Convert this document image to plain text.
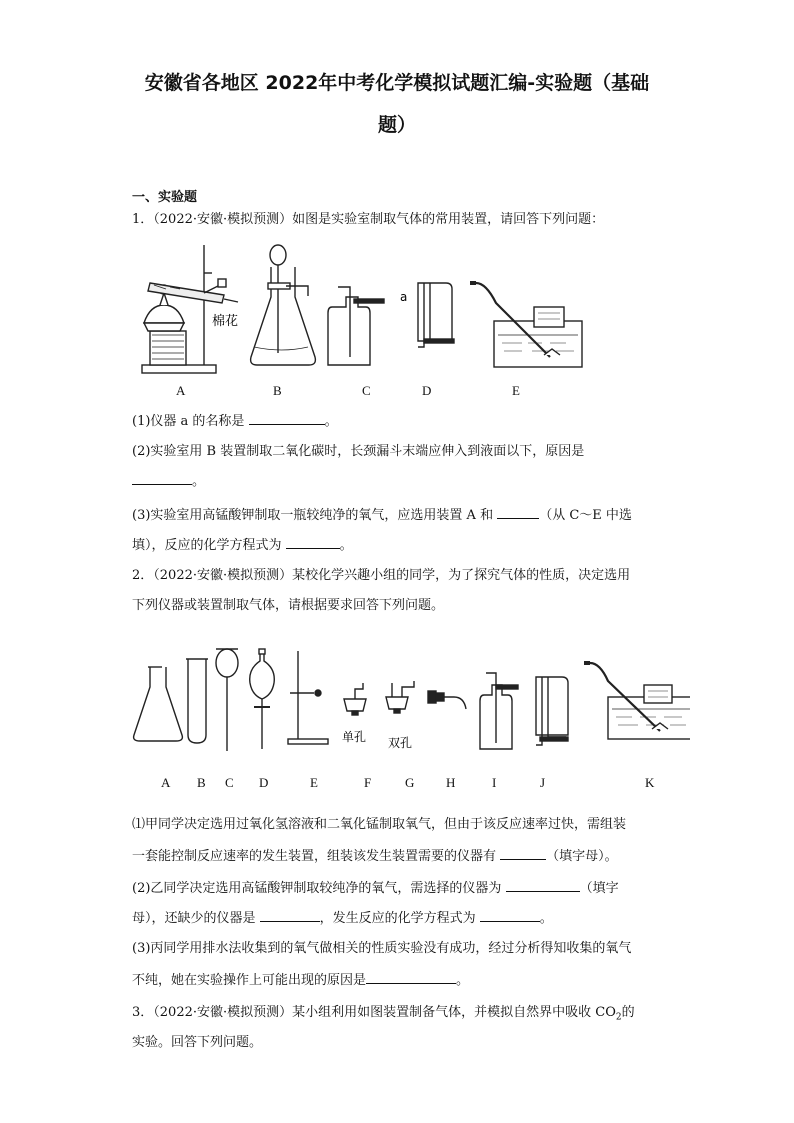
安徽省各地区 2022年中考化学模拟试题汇编-实验题（基础
题）
一、实验题
1．（2022·安徽·模拟预测）如图是实验室制取气体的常用装置，请回答下列问题：
棉花
a
A	B	C	D	E
(1)仪器 a 的名称是	。
(2)实验室用 B 装置制取二氧化碳时，长颈漏斗末端应伸入到液面以下，原因是
。
(3)实验室用高锰酸钾制取一瓶较纯净的氧气，应选用装置 A 和	（从 C～E 中选
填），反应的化学方程式为	。
2．（2022·安徽·模拟预测）某校化学兴趣小组的同学，为了探究气体的性质，决定选用
下列仪器或装置制取气体，请根据要求回答下列问题。
单孔 双孔
A B C D	E	F	G H	I	J	K
⑴甲同学决定选用过氧化氢溶液和二氧化锰制取氧气，但由于该反应速率过快，需组装
一套能控制反应速率的发生装置，组装该发生装置需要的仪器有	（填字母）。
(2)乙同学决定选用高锰酸钾制取较纯净的氧气，需选择的仪器为	（填字
母），还缺少的仪器是	，发生反应的化学方程式为	。
(3)丙同学用排水法收集到的氧气做相关的性质实验没有成功，经过分析得知收集的氧气
不纯，她在实验操作上可能出现的原因是	。
3．（2022·安徽·模拟预测）某小组利用如图装置制备气体，并模拟自然界中吸收 $CO_2$的
实验。回答下列问题。
